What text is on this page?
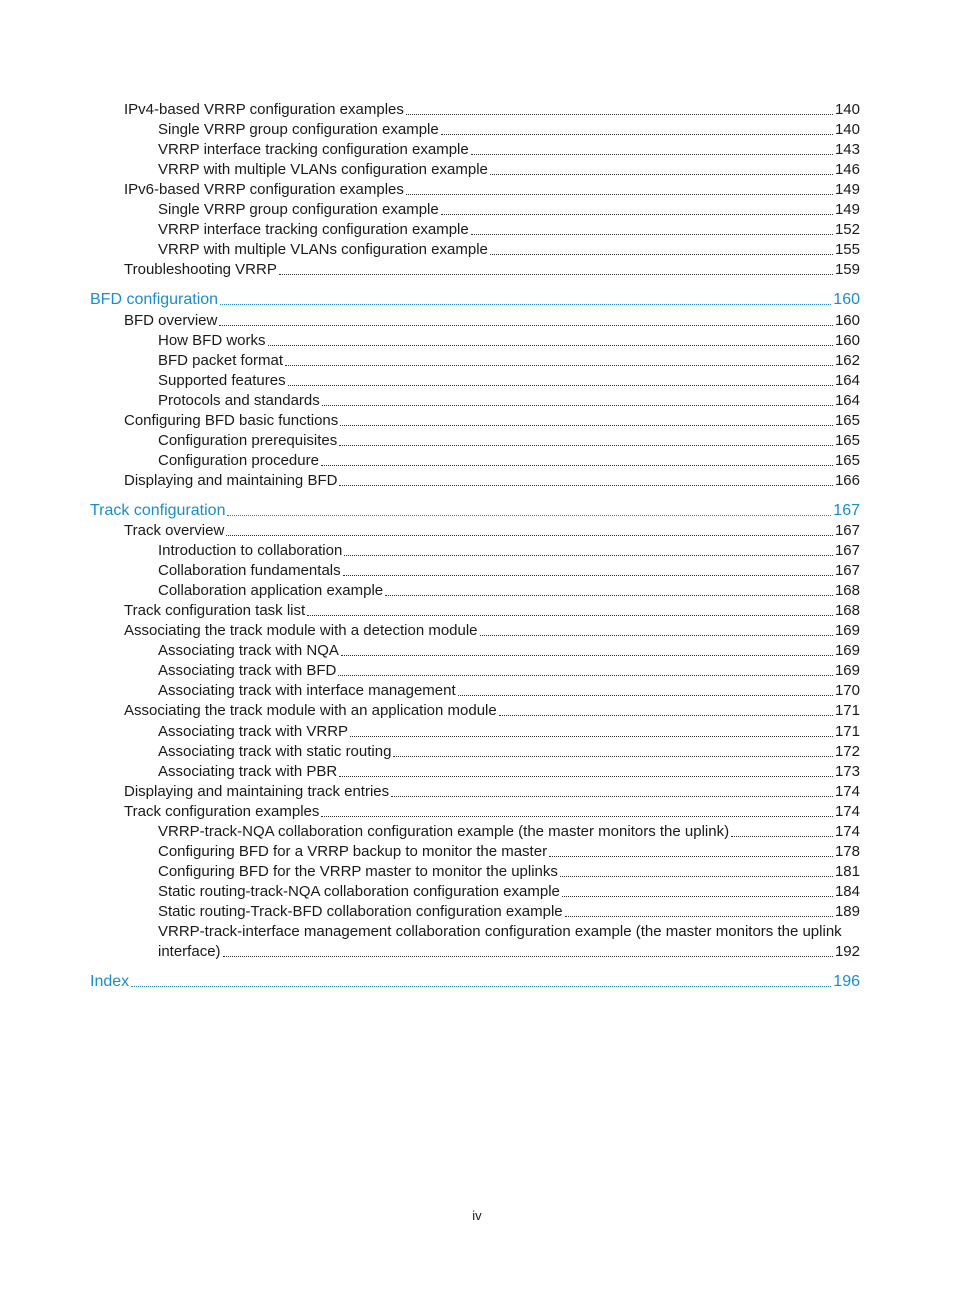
IPv4-based VRRP configuration examples	140
Single VRRP group configuration example	140
VRRP interface tracking configuration example	143
VRRP with multiple VLANs configuration example	146
IPv6-based VRRP configuration examples	149
Single VRRP group configuration example	149
VRRP interface tracking configuration example	152
VRRP with multiple VLANs configuration example	155
Troubleshooting VRRP	159
BFD configuration	160
BFD overview	160
How BFD works	160
BFD packet format	162
Supported features	164
Protocols and standards	164
Configuring BFD basic functions	165
Configuration prerequisites	165
Configuration procedure	165
Displaying and maintaining BFD	166
Track configuration	167
Track overview	167
Introduction to collaboration	167
Collaboration fundamentals	167
Collaboration application example	168
Track configuration task list	168
Associating the track module with a detection module	169
Associating track with NQA	169
Associating track with BFD	169
Associating track with interface management	170
Associating the track module with an application module	171
Associating track with VRRP	171
Associating track with static routing	172
Associating track with PBR	173
Displaying and maintaining track entries	174
Track configuration examples	174
VRRP-track-NQA collaboration configuration example (the master monitors the uplink)	174
Configuring BFD for a VRRP backup to monitor the master	178
Configuring BFD for the VRRP master to monitor the uplinks	181
Static routing-track-NQA collaboration configuration example	184
Static routing-Track-BFD collaboration configuration example	189
VRRP-track-interface management collaboration configuration example (the master monitors the uplink
interface)	192
Index	196
iv
